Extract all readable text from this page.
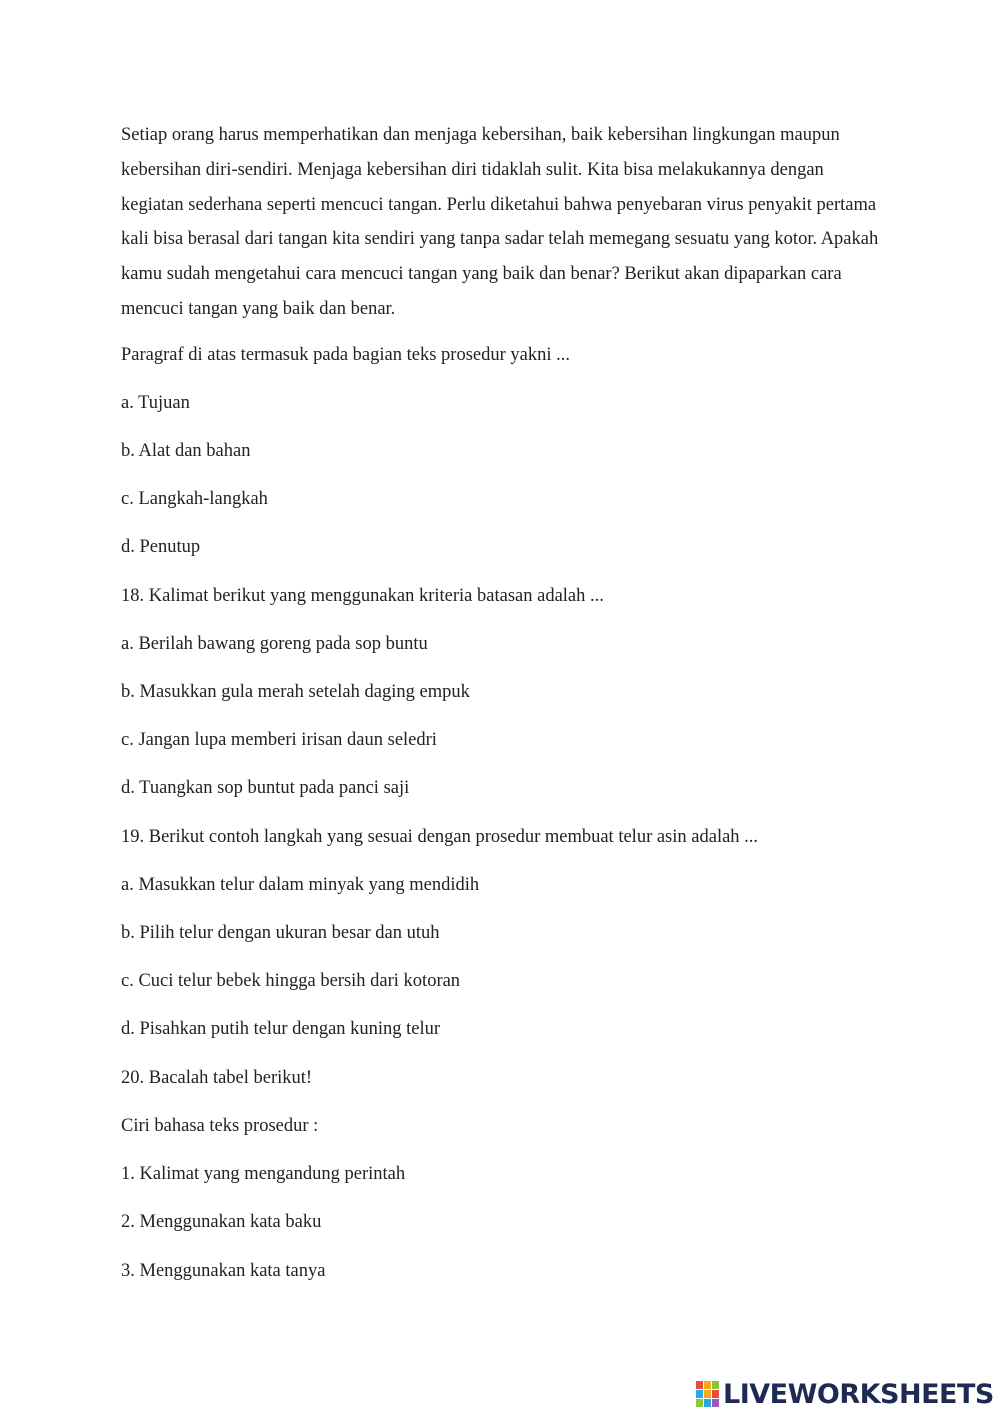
Setiap orang harus memperhatikan dan menjaga kebersihan, baik kebersihan lingkungan maupun kebersihan diri-sendiri. Menjaga kebersihan diri tidaklah sulit. Kita bisa melakukannya dengan kegiatan sederhana seperti mencuci tangan. Perlu diketahui bahwa penyebaran virus penyakit pertama kali bisa berasal dari tangan kita sendiri yang tanpa sadar telah memegang sesuatu yang kotor. Apakah kamu sudah mengetahui cara mencuci tangan yang baik dan benar? Berikut akan dipaparkan cara mencuci tangan yang baik dan benar.

Paragraf di atas termasuk pada bagian teks prosedur yakni ...

a. Tujuan

b. Alat dan bahan

c. Langkah-langkah

d. Penutup

18. Kalimat berikut yang menggunakan kriteria batasan adalah ...

a. Berilah bawang goreng pada sop buntu

b. Masukkan gula merah setelah daging empuk

c. Jangan lupa memberi irisan daun seledri

d. Tuangkan sop buntut pada panci saji

19. Berikut contoh langkah yang sesuai dengan prosedur membuat telur asin adalah ...

a. Masukkan telur dalam minyak yang mendidih

b. Pilih telur dengan ukuran besar dan utuh

c. Cuci telur bebek hingga bersih dari kotoran

d. Pisahkan putih telur dengan kuning telur

20. Bacalah tabel berikut!

Ciri bahasa teks prosedur :

1. Kalimat yang mengandung perintah

2. Menggunakan kata baku

3. Menggunakan kata tanya

LIVEWORKSHEETS
